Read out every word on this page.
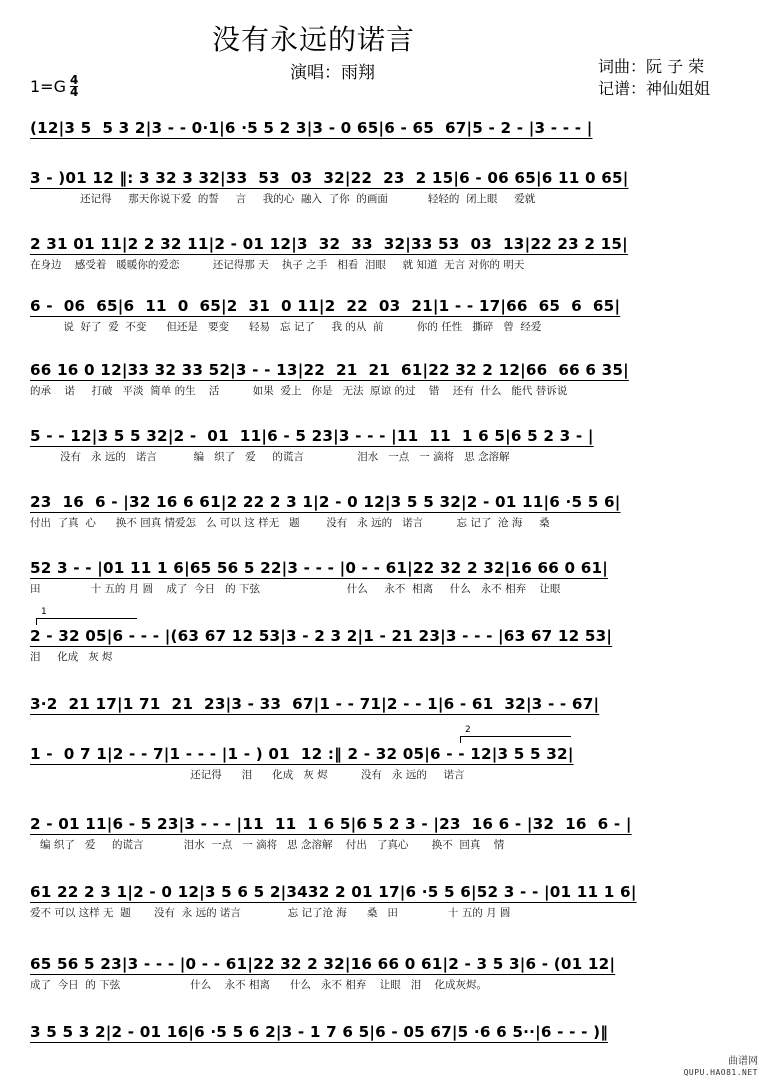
没有永远的诺言
演唱：雨翔	词曲：阮 子 荣
记谱：神仙姐姐
$1=G \frac{4}{4}$
(12|3 5  5 3 2|3 - - 0·1|6 ·5 5 2 3|3 - 0 65|6 - 65  67|5 - 2 - |3 - - - |
3 - )01 12 ‖: 3 32 3 32|33  53  03  32|22  23  2 15|6 - 06 65|6 11 0 65|
还记得     那天你说下爱  的誓     言     我的心  融入  了你  的画面            轻轻的  闭上眼     爱就
2 31 01 11|2 2 32 11|2 - 01 12|3  32  33  32|33 53  03  13|22 23 2 15|
在身边    感受着   暖暖你的爱恋          还记得那 天    执子 之手   相看  泪眼     就 知道  无言 对你的 明天
6 -  06  65|6  11  0  65|2  31  0 11|2  22  03  21|1 - - 17|66  65  6  65|
说  好了  爱  不变      但还是   要变      轻易   忘 记了     我 的从  前          你的 任性   撕碎   曾  经爱
66 16 0 12|33 32 33 52|3 - - 13|22  21  21  61|22 32 2 12|66  66 6 35|
的承    诺     打破   平淡  简单 的生    活          如果  爱上   你是   无法  原谅 的过    错    还有  什么   能代 替诉说
5 - - 12|3 5 5 32|2 -  01  11|6 - 5 23|3 - - - |11  11  1 6 5|6 5 2 3 - |
没有   永 远的   诺言           编   织了   爱     的谎言                泪水   一点   一 滴将   思 念溶解
23  16  6 - |32 16 6 61|2 22 2 3 1|2 - 0 12|3 5 5 32|2 - 01 11|6 ·5 5 6|
付出  了真  心      换不 回真 情爱怎   么 可以 这 样无   题        没有   永 远的   诺言          忘 记了  沧 海     桑
52 3 - - |01 11 1 6|65 56 5 22|3 - - - |0 - - 61|22 32 2 32|16 66 0 61|
田               十 五的 月 圆    成了  今日   的 下弦                          什么     永不  相离     什么   永不 相弃    让眼
1
2 - 32 05|6 - - - |(63 67 12 53|3 - 2 3 2|1 - 21 23|3 - - - |63 67 12 53|
泪     化成   灰 烬
3·2  21 17|1 71  21  23|3 - 33  67|1 - - 71|2 - - 1|6 - 61  32|3 - - 67|
2
1 -  0 7 1|2 - - 7|1 - - - |1 - ) 01  12 :‖ 2 - 32 05|6 - - 12|3 5 5 32|
还记得      泪      化成   灰 烬          没有   永 远的     诺言
2 - 01 11|6 - 5 23|3 - - - |11  11  1 6 5|6 5 2 3 - |23  16 6 - |32  16  6 - |
编 织了   爱     的谎言            泪水  一点   一 滴将   思 念溶解    付出   了真心       换不  回真    情
61 22 2 3 1|2 - 0 12|3 5 6 5 2|3432 2 01 17|6 ·5 5 6|52 3 - - |01 11 1 6|
爱不 可以 这样 无  题       没有  永 远的 诺言              忘 记了沧 海      桑   田               十 五的 月 圆
65 56 5 23|3 - - - |0 - - 61|22 32 2 32|16 66 0 61|2 - 3 5 3|6 - (01 12|
成了  今日  的 下弦                     什么    永不 相离      什么   永不 相弃    让眼   泪    化成灰烬。
3 5 5 3 2|2 - 01 16|6 ·5 5 6 2|3 - 1 7 6 5|6 - 05 67|5 ·6 6 5··|6 - - - )‖
曲谱网
QUPU.HAO81.NET
